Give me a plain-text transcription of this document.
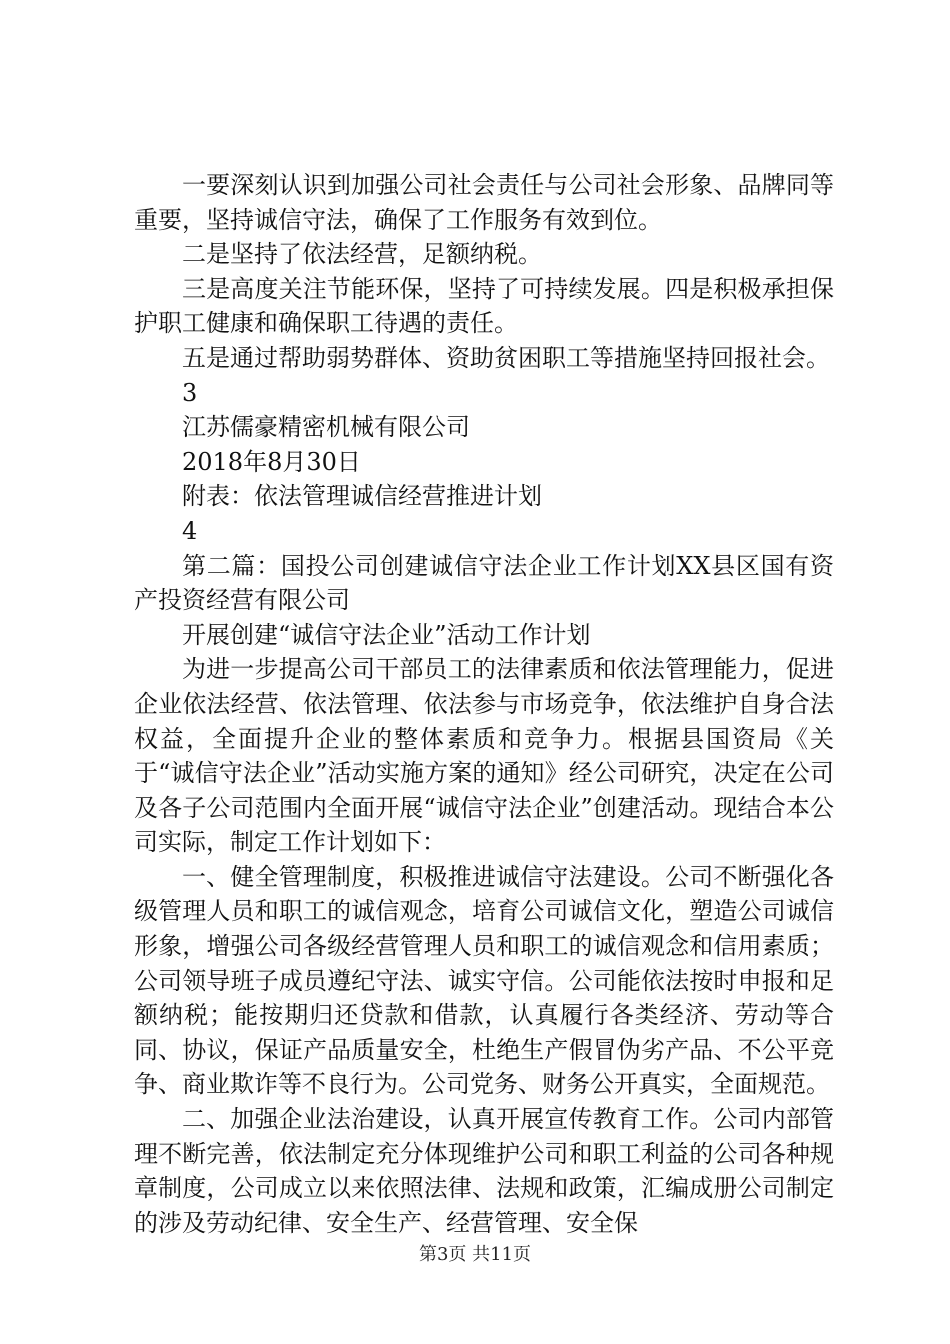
一要深刻认识到加强公司社会责任与公司社会形象、品牌同等重要，坚持诚信守法，确保了工作服务有效到位。

二是坚持了依法经营，足额纳税。

三是高度关注节能环保，坚持了可持续发展。四是积极承担保护职工健康和确保职工待遇的责任。

五是通过帮助弱势群体、资助贫困职工等措施坚持回报社会。

3

江苏儒豪精密机械有限公司

2018年8月30日

附表：依法管理诚信经营推进计划

4

第二篇：国投公司创建诚信守法企业工作计划XX县区国有资产投资经营有限公司

开展创建“诚信守法企业”活动工作计划

为进一步提高公司干部员工的法律素质和依法管理能力，促进企业依法经营、依法管理、依法参与市场竞争，依法维护自身合法权益，全面提升企业的整体素质和竞争力。根据县国资局《关于“诚信守法企业”活动实施方案的通知》经公司研究，决定在公司及各子公司范围内全面开展“诚信守法企业”创建活动。现结合本公司实际，制定工作计划如下：

一、健全管理制度，积极推进诚信守法建设。公司不断强化各级管理人员和职工的诚信观念，培育公司诚信文化，塑造公司诚信形象，增强公司各级经营管理人员和职工的诚信观念和信用素质；公司领导班子成员遵纪守法、诚实守信。公司能依法按时申报和足额纳税；能按期归还贷款和借款，认真履行各类经济、劳动等合同、协议，保证产品质量安全，杜绝生产假冒伪劣产品、不公平竞争、商业欺诈等不良行为。公司党务、财务公开真实，全面规范。

二、加强企业法治建设，认真开展宣传教育工作。公司内部管理不断完善，依法制定充分体现维护公司和职工利益的公司各种规章制度，公司成立以来依照法律、法规和政策，汇编成册公司制定的涉及劳动纪律、安全生产、经营管理、安全保

第3页 共11页
